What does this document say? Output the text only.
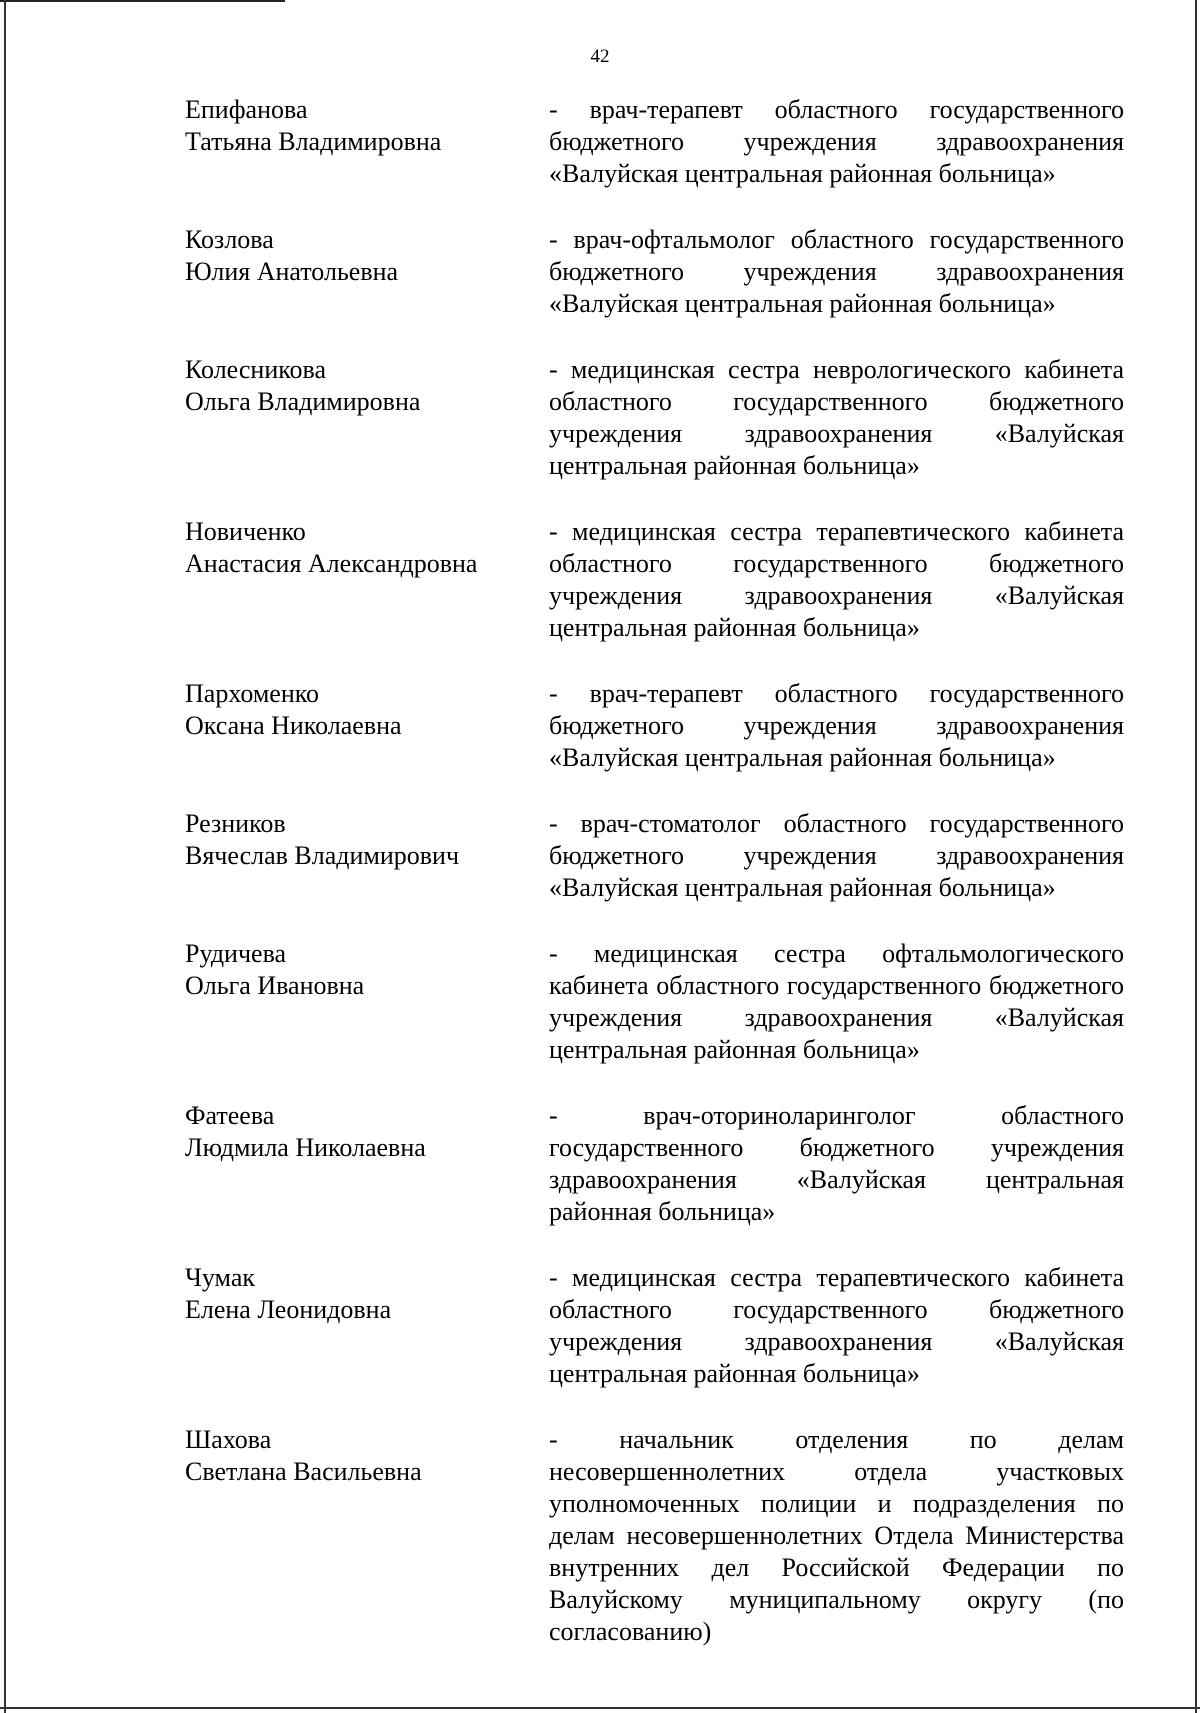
42
Епифанова
Татьяна Владимировна
- врач-терапевт областного государственного бюджетного учреждения здравоохранения «Валуйская центральная районная больница»
Козлова
Юлия Анатольевна
- врач-офтальмолог областного государственного бюджетного учреждения здравоохранения «Валуйская центральная районная больница»
Колесникова
Ольга Владимировна
- медицинская сестра неврологического кабинета областного государственного бюджетного учреждения здравоохранения «Валуйская центральная районная больница»
Новиченко
Анастасия Александровна
- медицинская сестра терапевтического кабинета областного государственного бюджетного учреждения здравоохранения «Валуйская центральная районная больница»
Пархоменко
Оксана Николаевна
- врач-терапевт областного государственного бюджетного учреждения здравоохранения «Валуйская центральная районная больница»
Резников
Вячеслав Владимирович
- врач-стоматолог областного государственного бюджетного учреждения здравоохранения «Валуйская центральная районная больница»
Рудичева
Ольга Ивановна
- медицинская сестра офтальмологического кабинета областного государственного бюджетного учреждения здравоохранения «Валуйская центральная районная больница»
Фатеева
Людмила Николаевна
- врач-оториноларинголог областного государственного бюджетного учреждения здравоохранения «Валуйская центральная районная больница»
Чумак
Елена Леонидовна
- медицинская сестра терапевтического кабинета областного государственного бюджетного учреждения здравоохранения «Валуйская центральная районная больница»
Шахова
Светлана Васильевна
- начальник отделения по делам несовершеннолетних отдела участковых уполномоченных полиции и подразделения по делам несовершеннолетних Отдела Министерства внутренних дел Российской Федерации по Валуйскому муниципальному округу (по согласованию)
